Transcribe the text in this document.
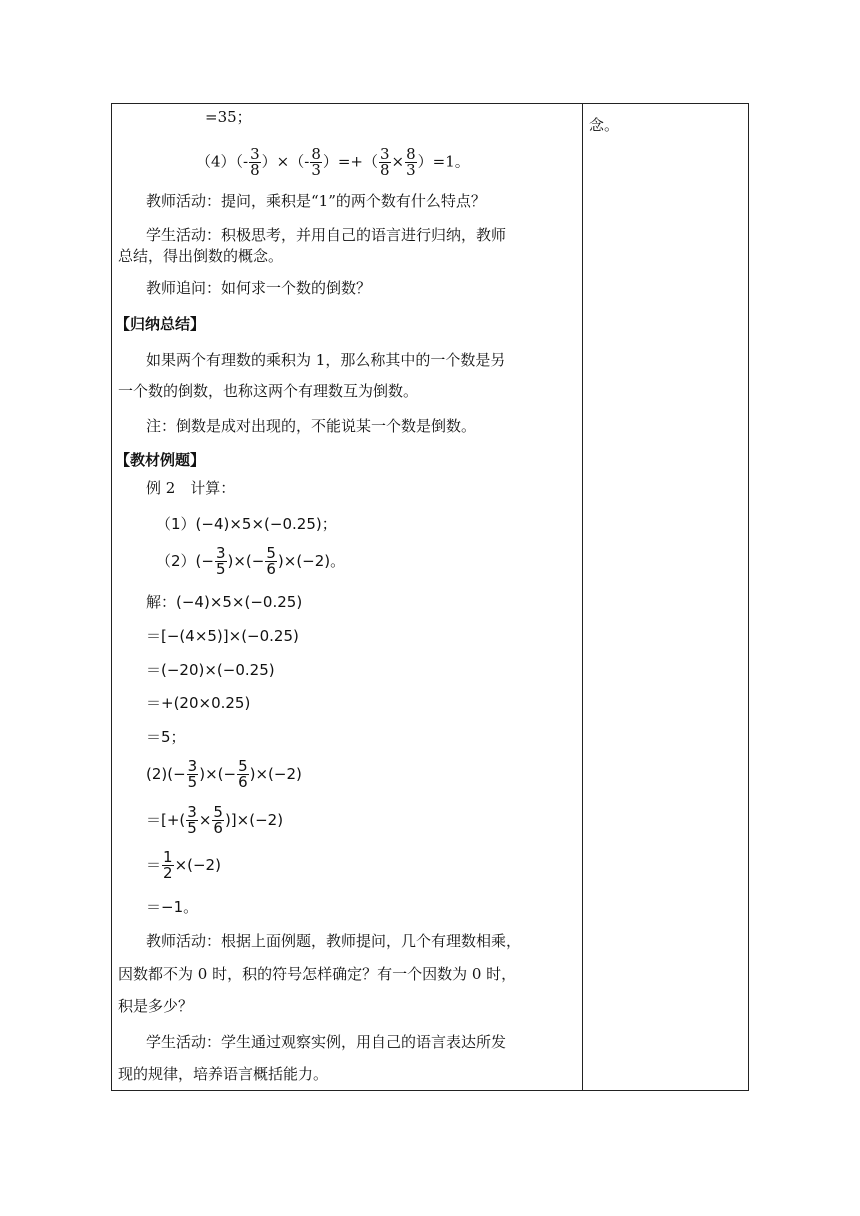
念。
=35；
$(4)(- \frac{3}{8}$ ）×（- $\frac{8}{3}$ ）=+（ $\frac{3}{8} \times \frac{8}{3} )=1$。
教师活动：提问，乘积是“1”的两个数有什么特点？
学生活动：积极思考，并用自己的语言进行归纳，教师
总结，得出倒数的概念。
教师追问：如何求一个数的倒数？
【归纳总结】
如果两个有理数的乘积为 1，那么称其中的一个数是另
一个数的倒数，也称这两个有理数互为倒数。
注：倒数是成对出现的，不能说某一个数是倒数。
【教材例题】
例 2　计算：
（1）(−4)×5×(−0.25)；
$(2)(- \frac{3}{5}$ )×(− $\frac{5}{6} )\times(-2)$。
解：(−4)×5×(−0.25)
＝[−(4×5)]×(−0.25)
＝(−20)×(−0.25)
＝+(20×0.25)
＝5；
$(2)(- \frac{3}{5}$ )×(− $\frac{5}{6} )\times(-2)$
＝[+( $\frac{3}{5} \times \frac{5}{6} )]\times(-2)$
＝ $\frac{1}{2} \times(-2)$
＝−1。
教师活动：根据上面例题，教师提问，几个有理数相乘，
因数都不为 0 时，积的符号怎样确定？有一个因数为 0 时，
积是多少？
学生活动：学生通过观察实例，用自己的语言表达所发
现的规律，培养语言概括能力。
